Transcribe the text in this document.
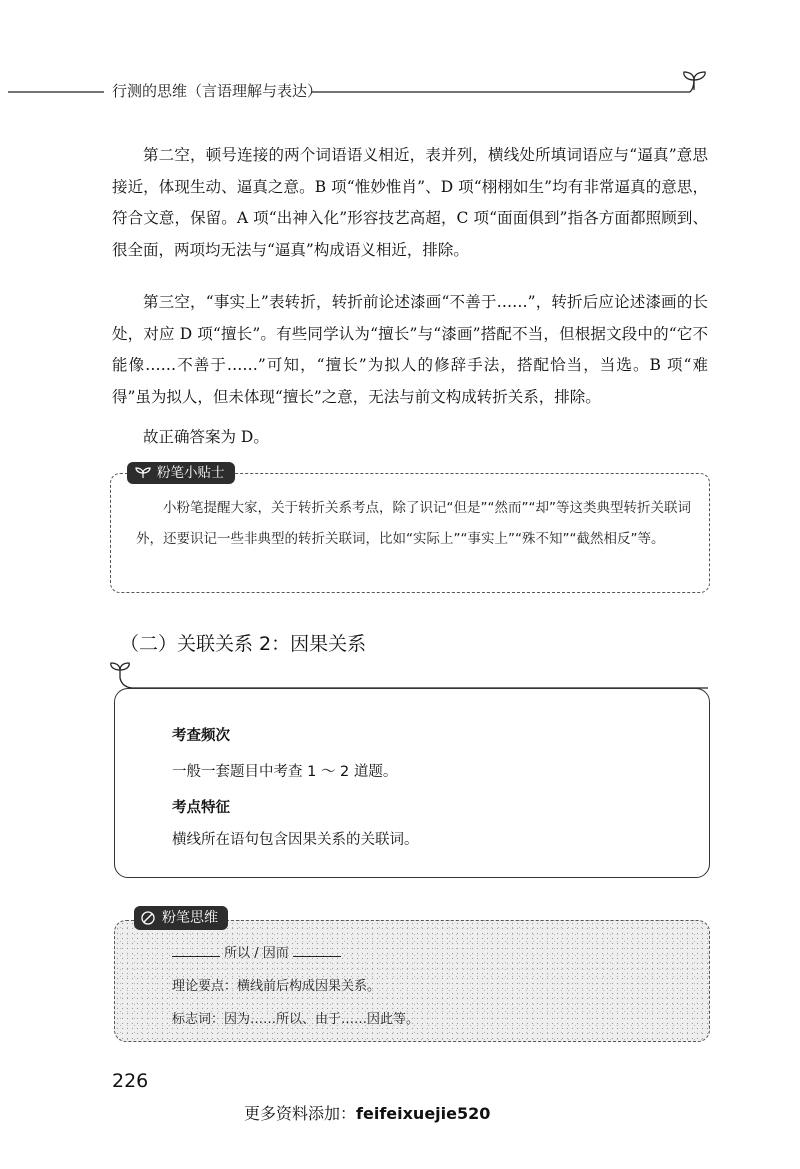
行测的思维（言语理解与表达）

第二空，顿号连接的两个词语语义相近，表并列，横线处所填词语应与“逼真”意思接近，体现生动、逼真之意。B 项“惟妙惟肖”、D 项“栩栩如生”均有非常逼真的意思，符合文意，保留。A 项“出神入化”形容技艺高超，C 项“面面俱到”指各方面都照顾到、很全面，两项均无法与“逼真”构成语义相近，排除。

第三空，“事实上”表转折，转折前论述漆画“不善于……”，转折后应论述漆画的长处，对应 D 项“擅长”。有些同学认为“擅长”与“漆画”搭配不当，但根据文段中的“它不能像……不善于……”可知，“擅长”为拟人的修辞手法，搭配恰当，当选。B 项“难得”虽为拟人，但未体现“擅长”之意，无法与前文构成转折关系，排除。

故正确答案为 D。

粉笔小贴士

小粉笔提醒大家，关于转折关系考点，除了识记“但是”“然而”“却”等这类典型转折关联词外，还要识记一些非典型的转折关联词，比如“实际上”“事实上”“殊不知”“截然相反”等。

（二）关联关系 2：因果关系
考查频次
一般一套题目中考查 1 ～ 2 道题。
考点特征
横线所在语句包含因果关系的关联词。
粉笔思维
所以 / 因而
理论要点：横线前后构成因果关系。
标志词：因为……所以、由于……因此等。
226
更多资料添加：feifeixuejie520
